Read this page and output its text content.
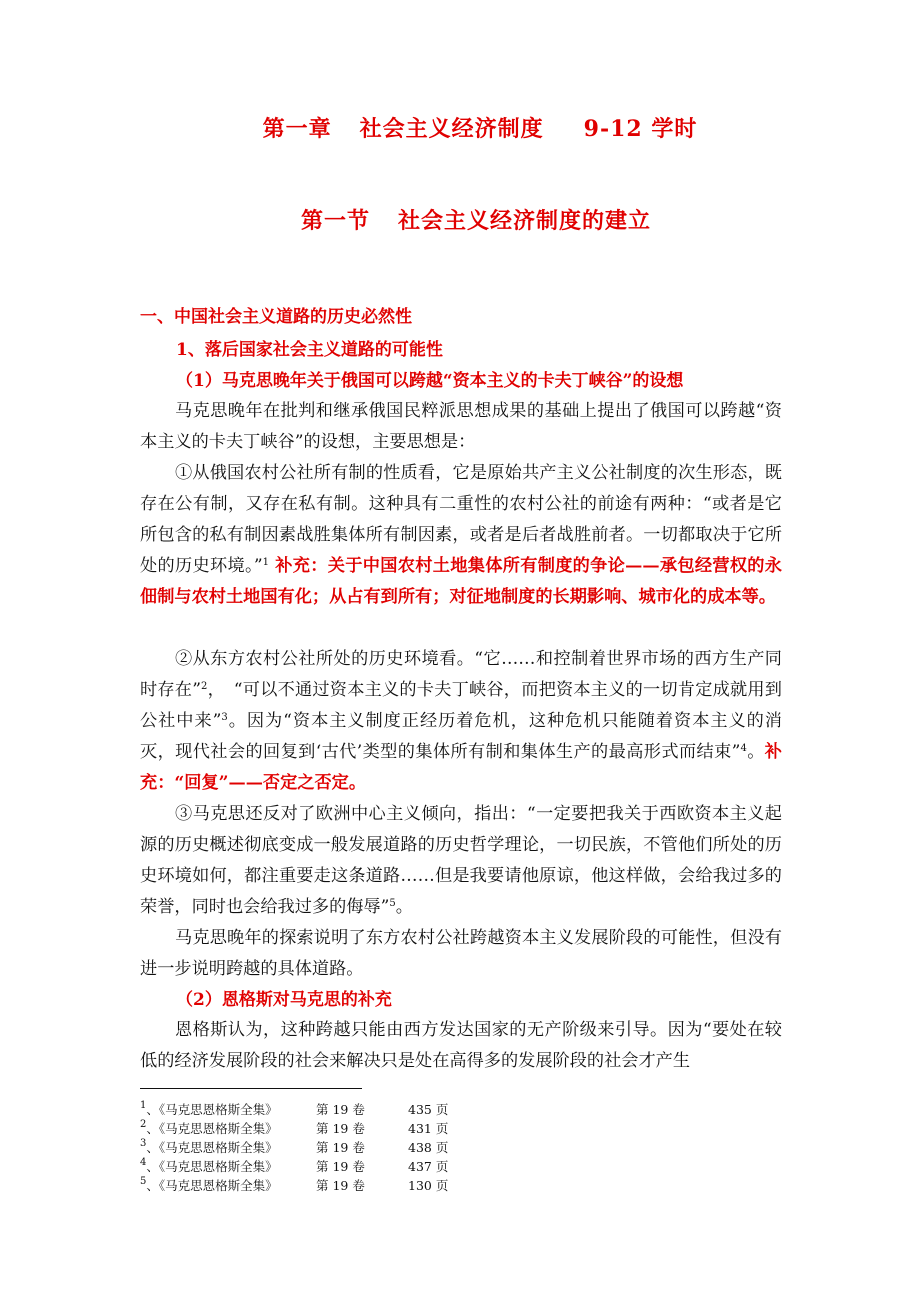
第一章 社会主义经济制度 9-12 学时
第一节 社会主义经济制度的建立
一、中国社会主义道路的历史必然性
1、落后国家社会主义道路的可能性
（1）马克思晚年关于俄国可以跨越“资本主义的卡夫丁峡谷”的设想

马克思晚年在批判和继承俄国民粹派思想成果的基础上提出了俄国可以跨越“资本主义的卡夫丁峡谷”的设想，主要思想是：

①从俄国农村公社所有制的性质看，它是原始共产主义公社制度的次生形态，既存在公有制，又存在私有制。这种具有二重性的农村公社的前途有两种：“或者是它所包含的私有制因素战胜集体所有制因素，或者是后者战胜前者。一切都取决于它所处的历史环境。”$^1$ 补充：关于中国农村土地集体所有制度的争论——承包经营权的永佃制与农村土地国有化；从占有到所有；对征地制度的长期影响、城市化的成本等。

②从东方农村公社所处的历史环境看。“它……和控制着世界市场的西方生产同时存在”$^2$，　“可以不通过资本主义的卡夫丁峡谷，而把资本主义的一切肯定成就用到公社中来”$^3$。因为“资本主义制度正经历着危机，这种危机只能随着资本主义的消灭，现代社会的回复到‘古代’类型的集体所有制和集体生产的最高形式而结束”$^4$。补充：“回复”——否定之否定。

③马克思还反对了欧洲中心主义倾向，指出：“一定要把我关于西欧资本主义起源的历史概述彻底变成一般发展道路的历史哲学理论，一切民族，不管他们所处的历史环境如何，都注重要走这条道路……但是我要请他原谅，他这样做，会给我过多的荣誉，同时也会给我过多的侮辱”$^5$。

马克思晚年的探索说明了东方农村公社跨越资本主义发展阶段的可能性，但没有进一步说明跨越的具体道路。

（2）恩格斯对马克思的补充

恩格斯认为，这种跨越只能由西方发达国家的无产阶级来引导。因为“要处在较低的经济发展阶段的社会来解决只是处在高得多的发展阶段的社会才产生

$^1$、《马克思恩格斯全集》	第 19 卷	435 页
$^2$、《马克思恩格斯全集》	第 19 卷	431 页
$^3$、《马克思恩格斯全集》	第 19 卷	438 页
$^4$、《马克思恩格斯全集》	第 19 卷	437 页
$^5$、《马克思恩格斯全集》	第 19 卷	130 页
